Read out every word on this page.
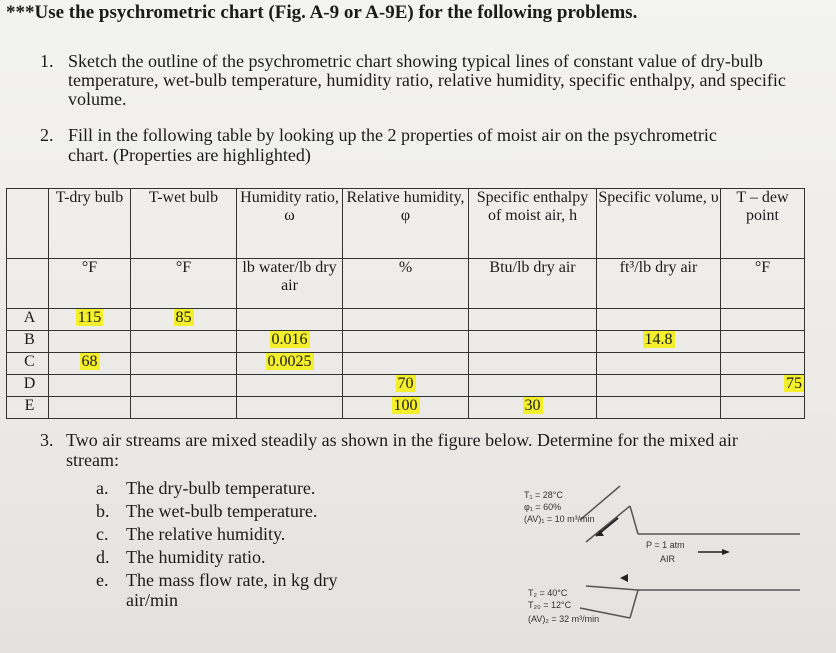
***Use the psychrometric chart (Fig. A-9 or A-9E) for the following problems.
1. Sketch the outline of the psychrometric chart showing typical lines of constant value of dry-bulb temperature, wet-bulb temperature, humidity ratio, relative humidity, specific enthalpy, and specific volume.
2. Fill in the following table by looking up the 2 properties of moist air on the psychrometric chart. (Properties are highlighted)
	T-dry bulb	T-wet bulb	Humidity ratio, ω	Relative humidity, φ	Specific enthalpy of moist air, h	Specific volume, υ	T – dew point
	°F	°F	lb water/lb dry air	%	Btu/lb dry air	ft³/lb dry air	°F
A	115	85					
B			0.016			14.8	
C	68		0.0025				
D				70			75
E				100	30		
3. Two air streams are mixed steadily as shown in the figure below. Determine for the mixed air stream:
a. The dry-bulb temperature.
b. The wet-bulb temperature.
c. The relative humidity.
d. The humidity ratio.
e. The mass flow rate, in kg dry air/min
T₁ = 28°C
φ₁ = 60%
(AV)₁ = 10 m³/min
P = 1 atm
AIR
T₂ = 40°C
T₂₀ = 12°C
(AV)₂ = 32 m³/min
